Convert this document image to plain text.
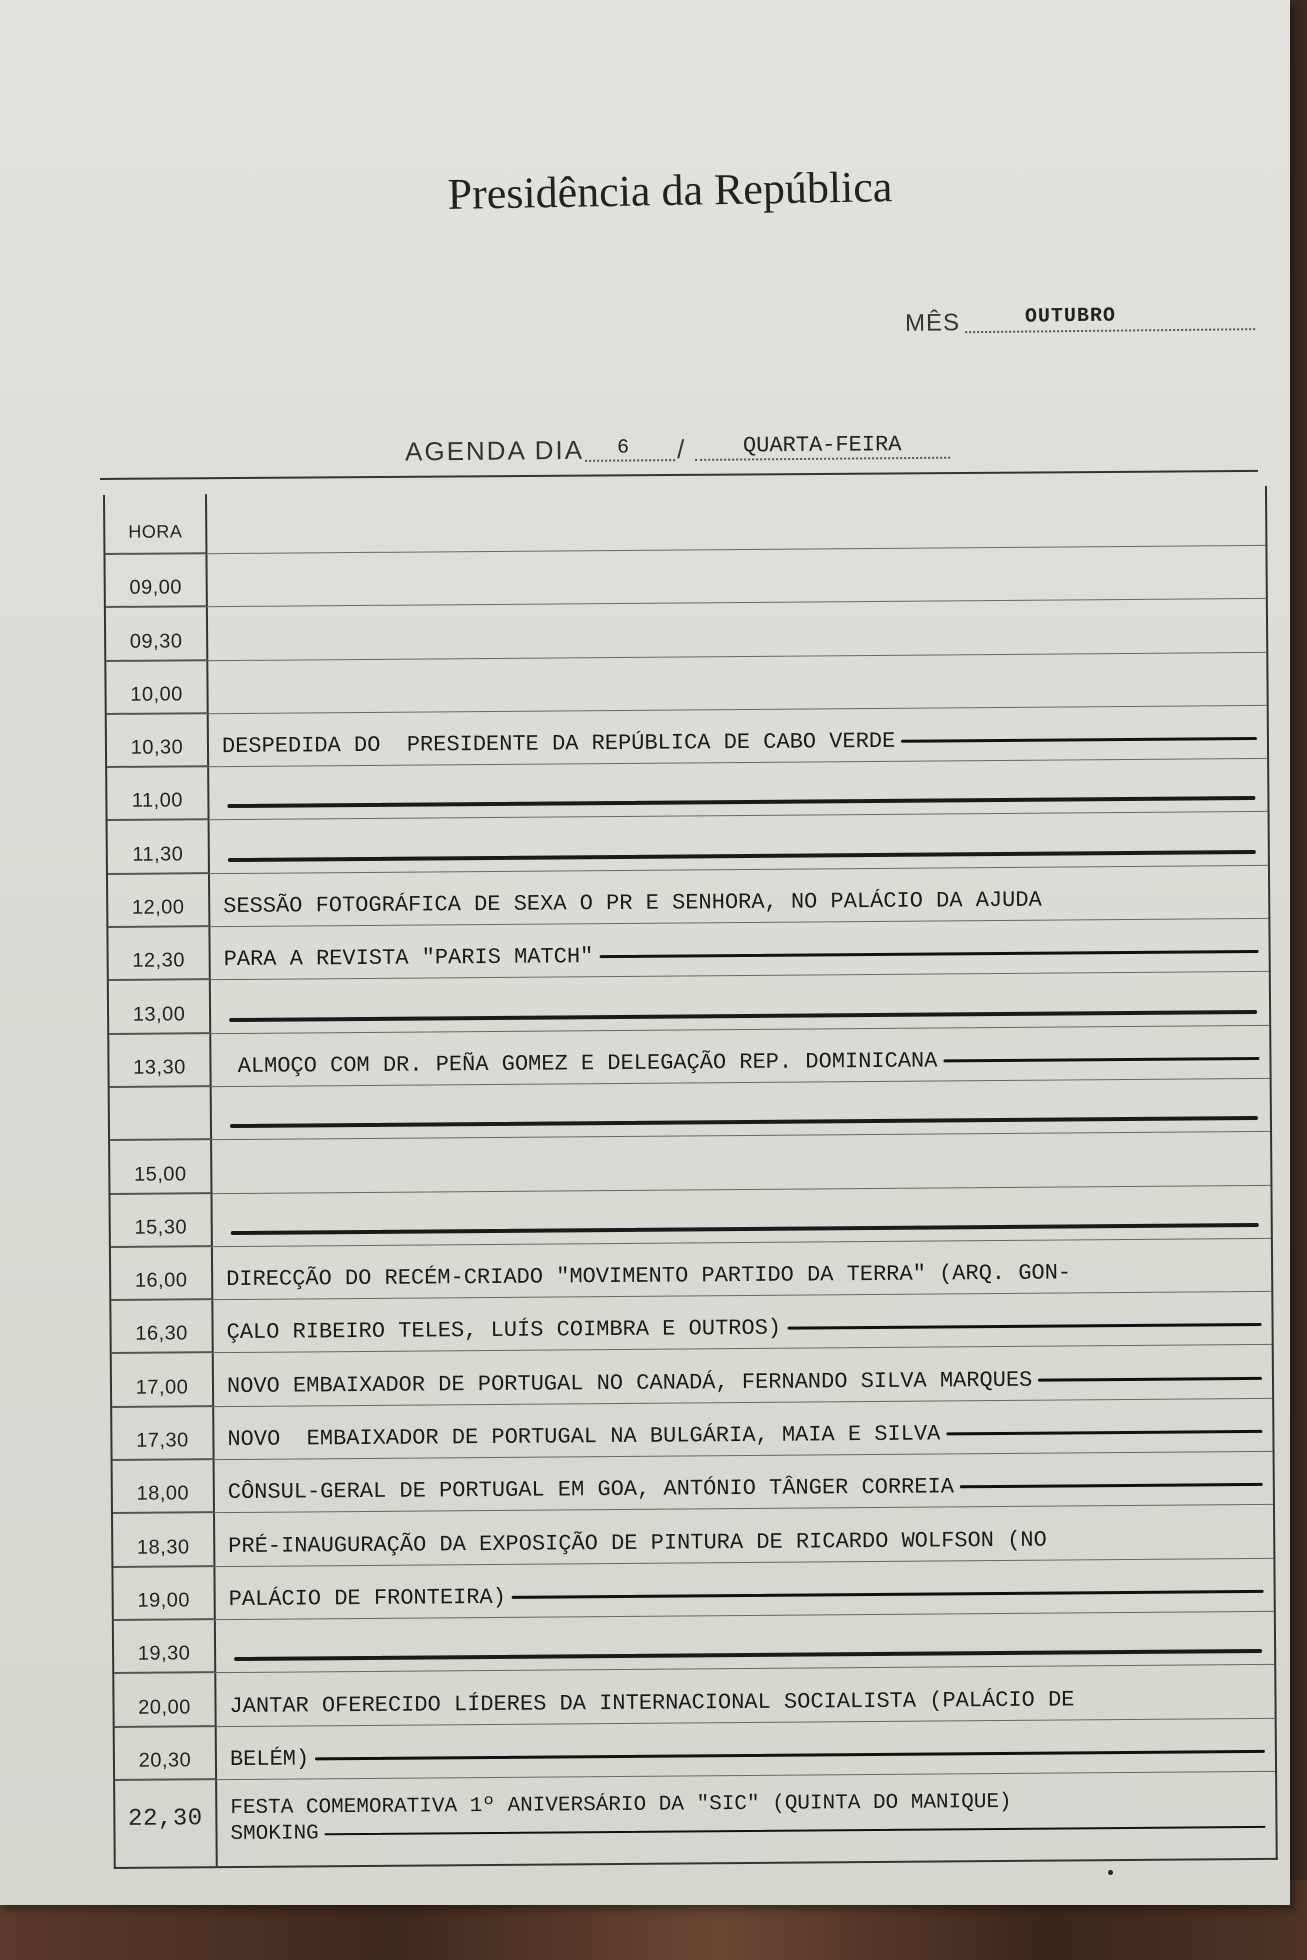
Presidência da República
MÊS	OUTUBRO
AGENDA DIA 6 /	QUARTA-FEIRA
HORA
09,00
09,30
10,00
10,30	DESPEDIDA DO  PRESIDENTE DA REPÚBLICA DE CABO VERDE
11,00
11,30
12,00	SESSÃO FOTOGRÁFICA DE SEXA O PR E SENHORA, NO PALÁCIO DA AJUDA
12,30	PARA A REVISTA "PARIS MATCH"
13,00
13,30	ALMOÇO COM DR. PEÑA GOMEZ E DELEGAÇÃO REP. DOMINICANA
15,00
15,30
16,00	DIRECÇÃO DO RECÉM-CRIADO "MOVIMENTO PARTIDO DA TERRA" (ARQ. GON-
16,30	ÇALO RIBEIRO TELES, LUÍS COIMBRA E OUTROS)
17,00	NOVO EMBAIXADOR DE PORTUGAL NO CANADÁ, FERNANDO SILVA MARQUES
17,30	NOVO  EMBAIXADOR DE PORTUGAL NA BULGÁRIA, MAIA E SILVA
18,00	CÔNSUL-GERAL DE PORTUGAL EM GOA, ANTÓNIO TÂNGER CORREIA
18,30	PRÉ-INAUGURAÇÃO DA EXPOSIÇÃO DE PINTURA DE RICARDO WOLFSON (NO
19,00	PALÁCIO DE FRONTEIRA)
19,30
20,00	JANTAR OFERECIDO LÍDERES DA INTERNACIONAL SOCIALISTA (PALÁCIO DE
20,30	BELÉM)
22,30	FESTA COMEMORATIVA 1º ANIVERSÁRIO DA "SIC" (QUINTA DO MANIQUE)
SMOKING
